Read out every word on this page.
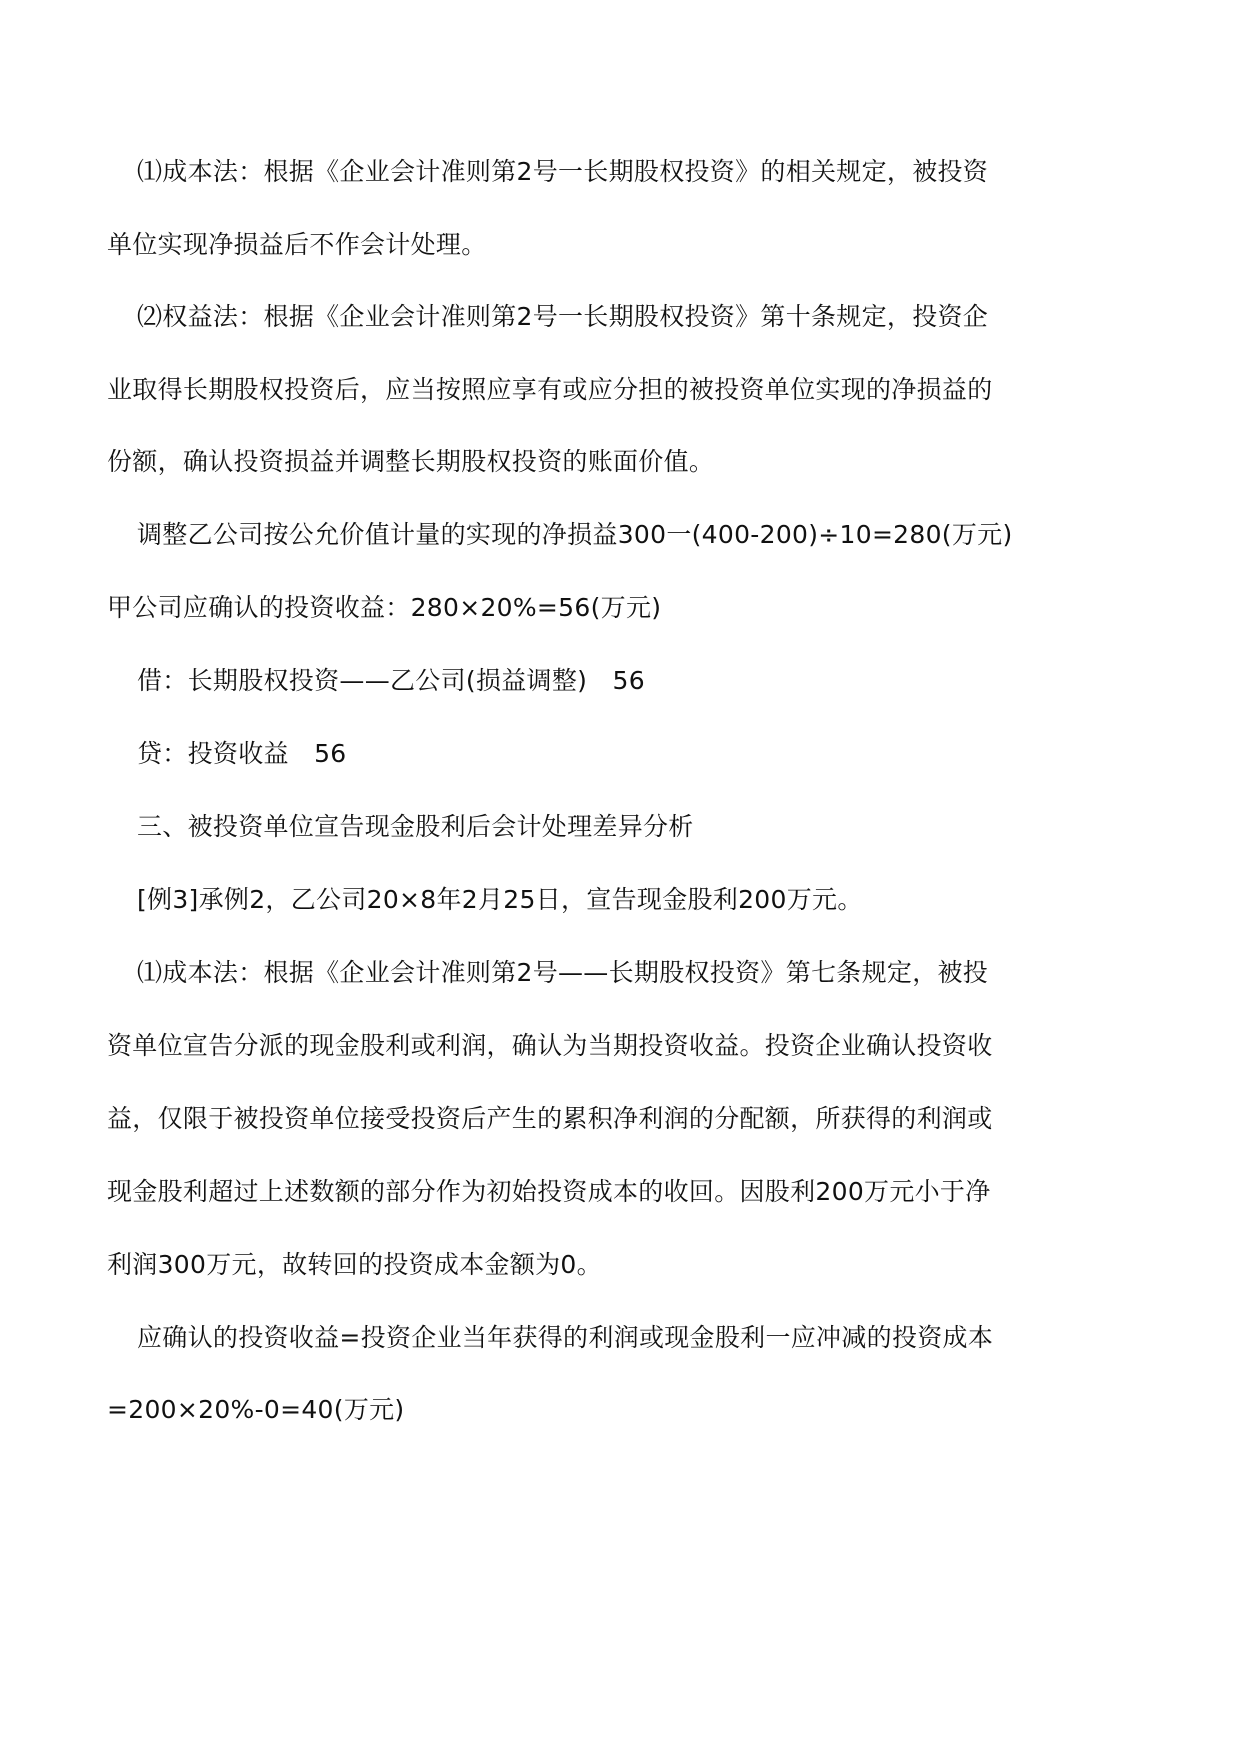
⑴成本法：根据《企业会计准则第2号一长期股权投资》的相关规定，被投资
单位实现净损益后不作会计处理。
⑵权益法：根据《企业会计准则第2号一长期股权投资》第十条规定，投资企
业取得长期股权投资后，应当按照应享有或应分担的被投资单位实现的净损益的
份额，确认投资损益并调整长期股权投资的账面价值。
调整乙公司按公允价值计量的实现的净损益300一(400-200)÷10=280(万元)
甲公司应确认的投资收益：280×20%=56(万元)
借：长期股权投资——乙公司(损益调整)　56
贷：投资收益　56
三、被投资单位宣告现金股利后会计处理差异分析
[例3]承例2，乙公司20×8年2月25日，宣告现金股利200万元。
⑴成本法：根据《企业会计准则第2号——长期股权投资》第七条规定，被投
资单位宣告分派的现金股利或利润，确认为当期投资收益。投资企业确认投资收
益，仅限于被投资单位接受投资后产生的累积净利润的分配额，所获得的利润或
现金股利超过上述数额的部分作为初始投资成本的收回。因股利200万元小于净
利润300万元，故转回的投资成本金额为0。
应确认的投资收益=投资企业当年获得的利润或现金股利一应冲减的投资成本
=200×20%-0=40(万元)
